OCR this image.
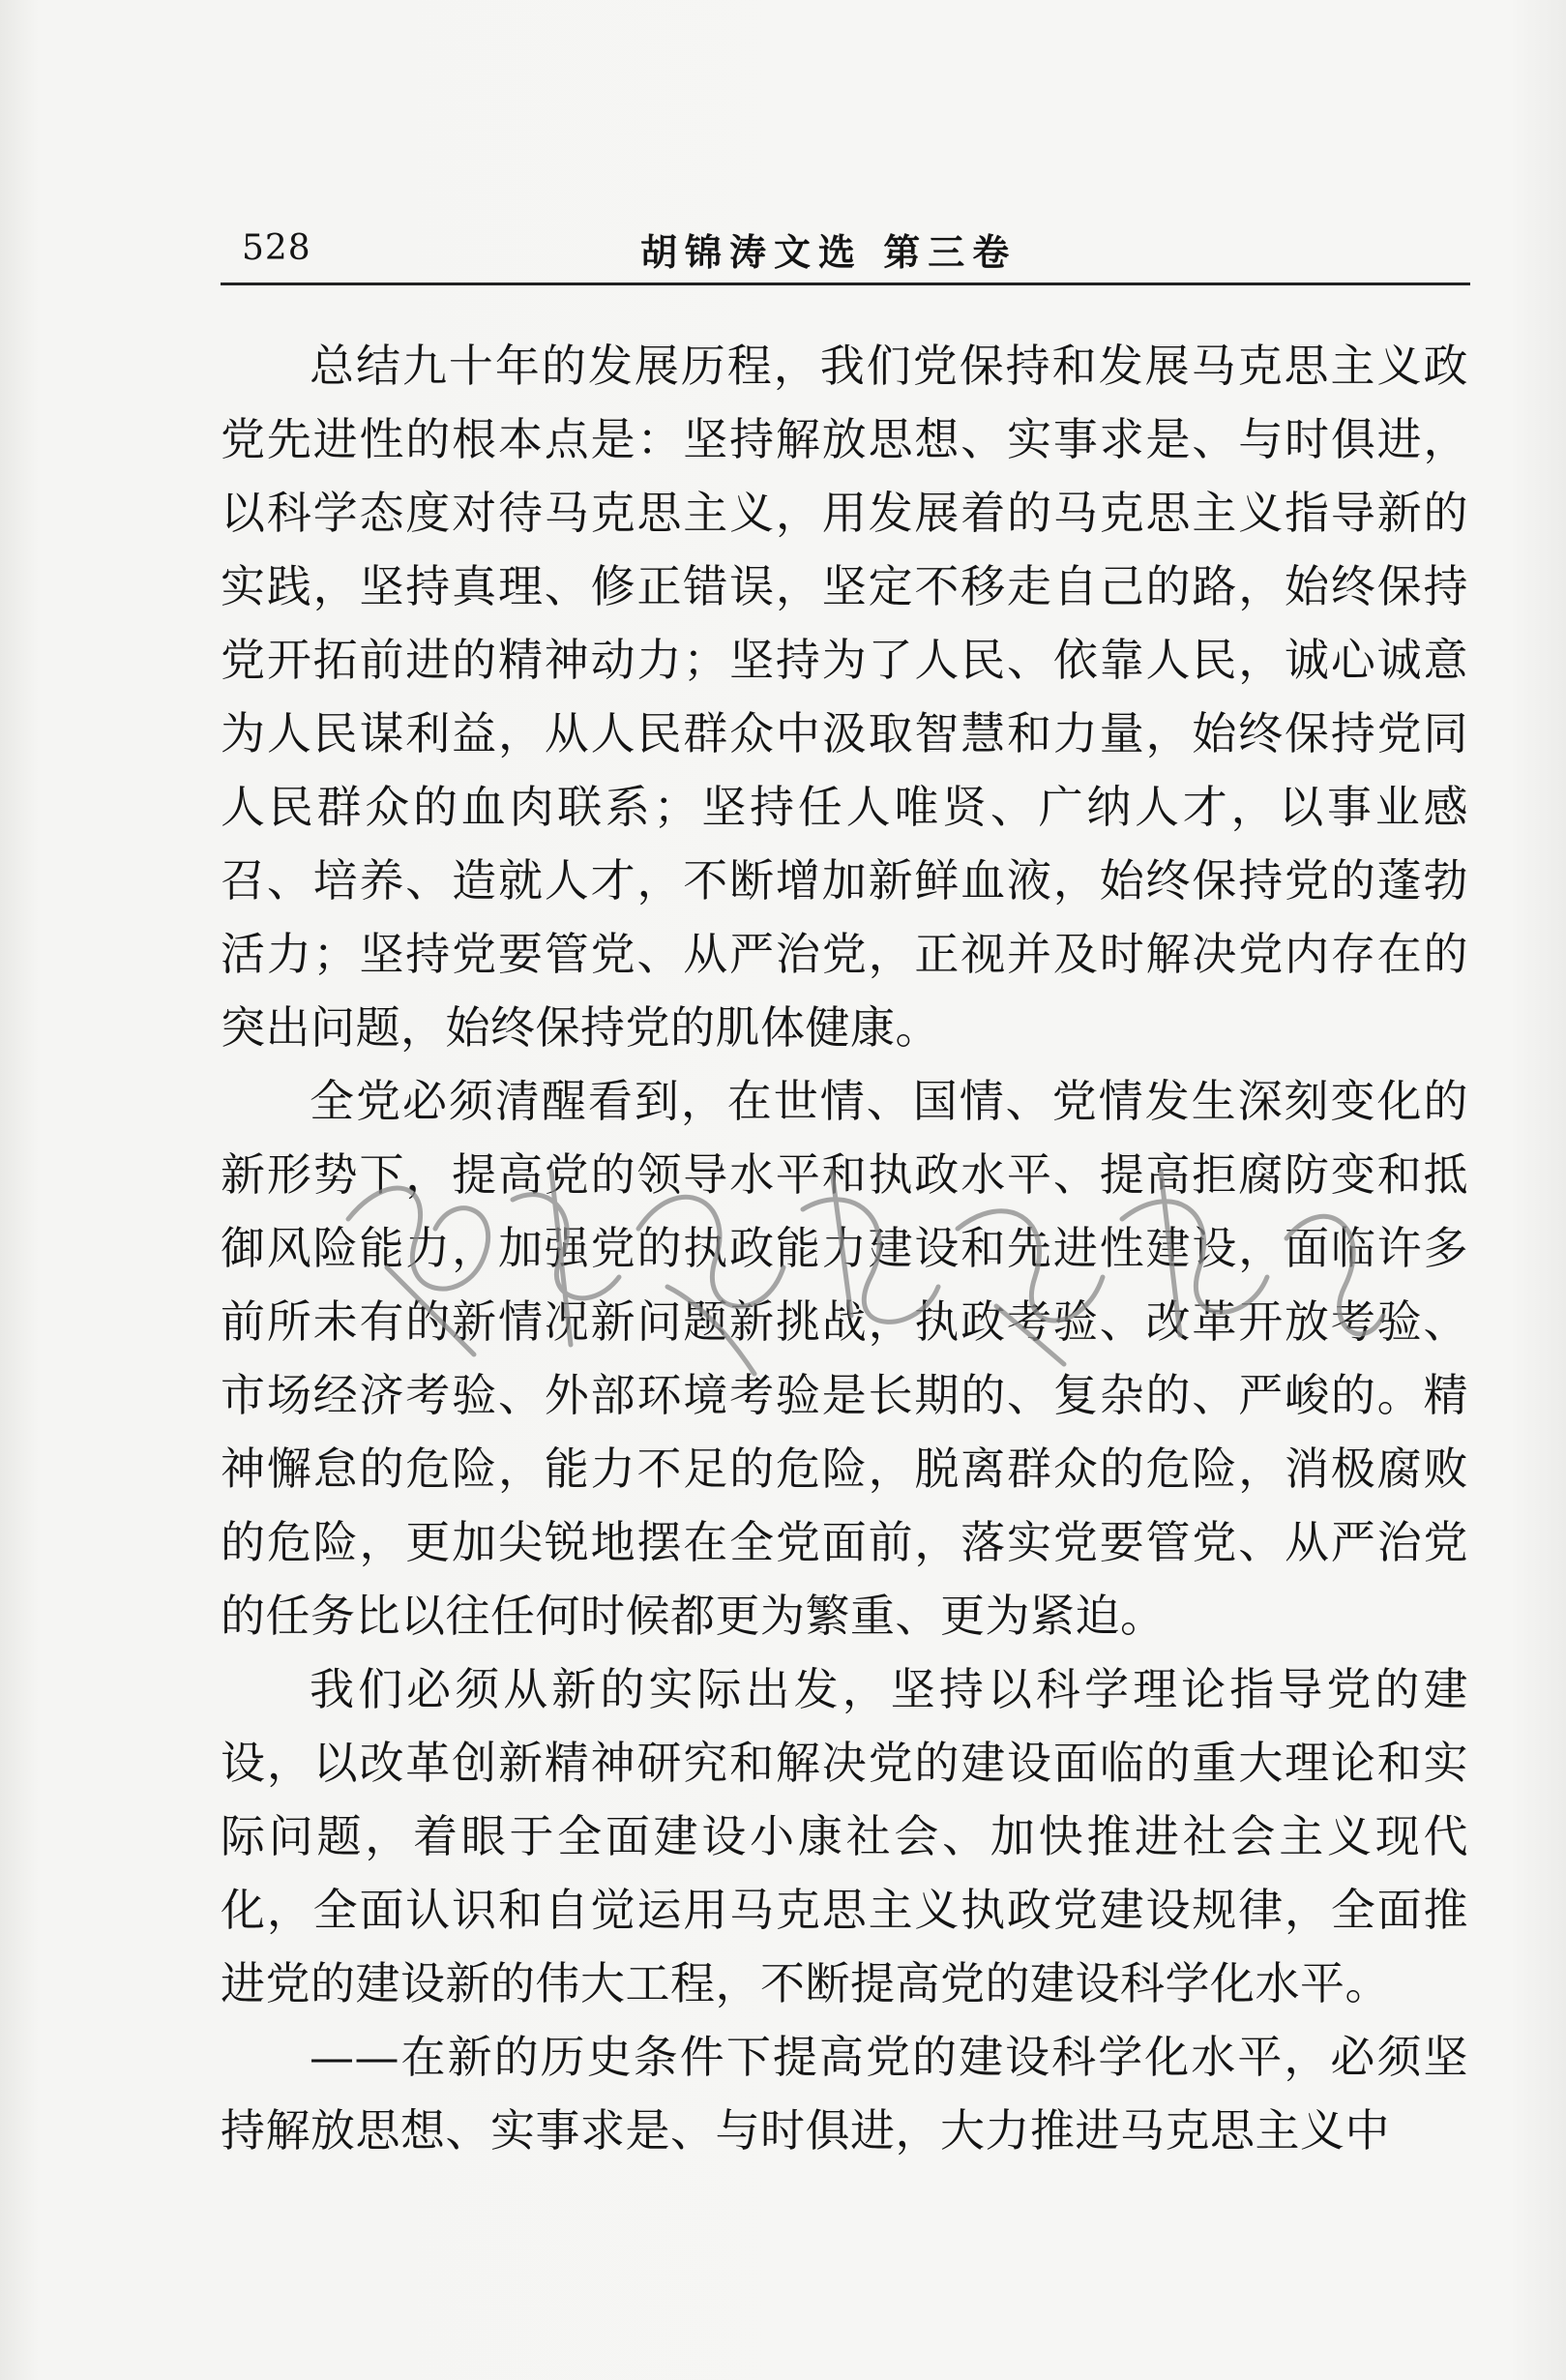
528	胡锦涛文选 第三卷

总结九十年的发展历程，我们党保持和发展马克思主义政党先进性的根本点是：坚持解放思想、实事求是、与时俱进，以科学态度对待马克思主义，用发展着的马克思主义指导新的实践，坚持真理、修正错误，坚定不移走自己的路，始终保持党开拓前进的精神动力；坚持为了人民、依靠人民，诚心诚意为人民谋利益，从人民群众中汲取智慧和力量，始终保持党同人民群众的血肉联系；坚持任人唯贤、广纳人才，以事业感召、培养、造就人才，不断增加新鲜血液，始终保持党的蓬勃活力；坚持党要管党、从严治党，正视并及时解决党内存在的突出问题，始终保持党的肌体健康。

全党必须清醒看到，在世情、国情、党情发生深刻变化的新形势下，提高党的领导水平和执政水平、提高拒腐防变和抵御风险能力，加强党的执政能力建设和先进性建设，面临许多前所未有的新情况新问题新挑战，执政考验、改革开放考验、市场经济考验、外部环境考验是长期的、复杂的、严峻的。精神懈怠的危险，能力不足的危险，脱离群众的危险，消极腐败的危险，更加尖锐地摆在全党面前，落实党要管党、从严治党的任务比以往任何时候都更为繁重、更为紧迫。

我们必须从新的实际出发，坚持以科学理论指导党的建设，以改革创新精神研究和解决党的建设面临的重大理论和实际问题，着眼于全面建设小康社会、加快推进社会主义现代化，全面认识和自觉运用马克思主义执政党建设规律，全面推进党的建设新的伟大工程，不断提高党的建设科学化水平。

——在新的历史条件下提高党的建设科学化水平，必须坚持解放思想、实事求是、与时俱进，大力推进马克思主义中
